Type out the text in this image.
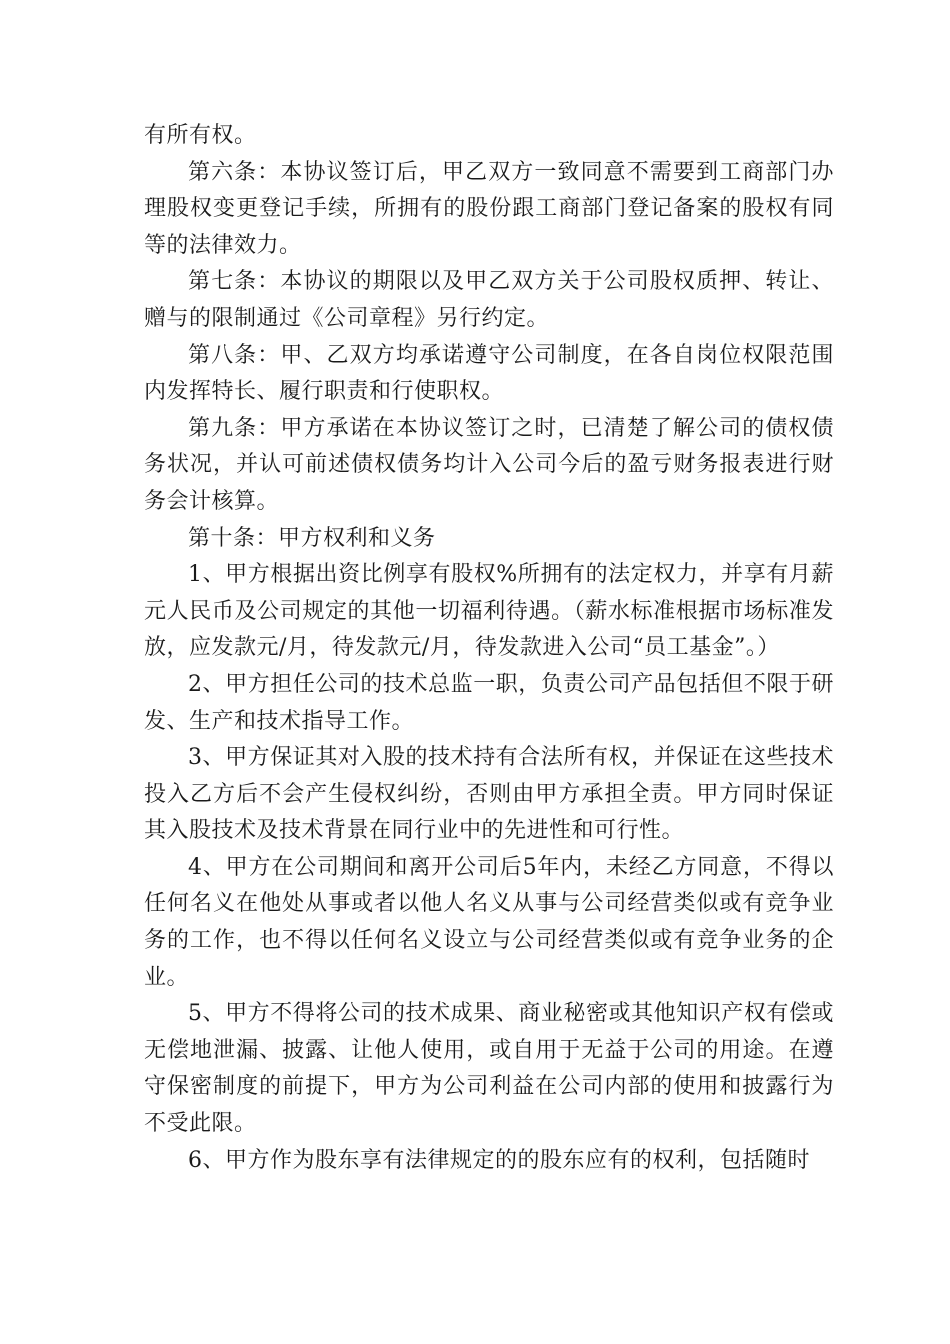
有所有权。

第六条：本协议签订后，甲乙双方一致同意不需要到工商部门办理股权变更登记手续，所拥有的股份跟工商部门登记备案的股权有同等的法律效力。

第七条：本协议的期限以及甲乙双方关于公司股权质押、转让、赠与的限制通过《公司章程》另行约定。

第八条：甲、乙双方均承诺遵守公司制度，在各自岗位权限范围内发挥特长、履行职责和行使职权。

第九条：甲方承诺在本协议签订之时，已清楚了解公司的债权债务状况，并认可前述债权债务均计入公司今后的盈亏财务报表进行财务会计核算。

第十条：甲方权利和义务

1、甲方根据出资比例享有股权%所拥有的法定权力，并享有月薪元人民币及公司规定的其他一切福利待遇。（薪水标准根据市场标准发放，应发款元/月，待发款元/月，待发款进入公司“员工基金”。）

2、甲方担任公司的技术总监一职，负责公司产品包括但不限于研发、生产和技术指导工作。

3、甲方保证其对入股的技术持有合法所有权，并保证在这些技术投入乙方后不会产生侵权纠纷，否则由甲方承担全责。甲方同时保证其入股技术及技术背景在同行业中的先进性和可行性。

4、甲方在公司期间和离开公司后5年内，未经乙方同意，不得以任何名义在他处从事或者以他人名义从事与公司经营类似或有竞争业务的工作，也不得以任何名义设立与公司经营类似或有竞争业务的企业。

5、甲方不得将公司的技术成果、商业秘密或其他知识产权有偿或无偿地泄漏、披露、让他人使用，或自用于无益于公司的用途。在遵守保密制度的前提下，甲方为公司利益在公司内部的使用和披露行为不受此限。

6、甲方作为股东享有法律规定的的股东应有的权利，包括随时
